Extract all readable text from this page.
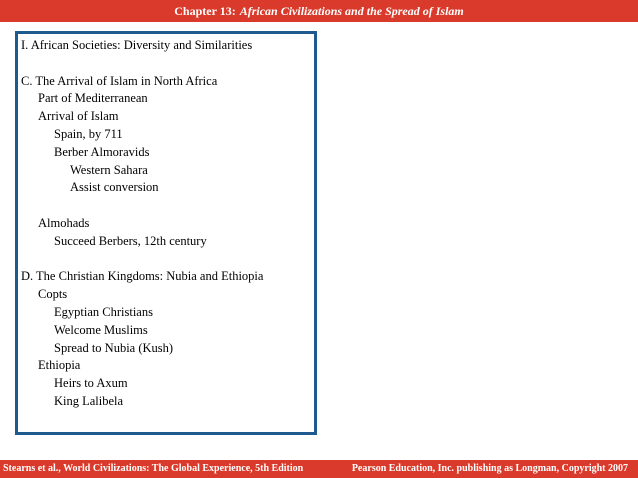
Chapter 13: African Civilizations and the Spread of Islam
I. African Societies: Diversity and Similarities
C. The Arrival of Islam in North Africa
Part of Mediterranean
Arrival of Islam
Spain, by 711
Berber Almoravids
Western Sahara
Assist conversion
Almohads
Succeed Berbers, 12th century
D. The Christian Kingdoms: Nubia and Ethiopia
Copts
Egyptian Christians
Welcome Muslims
Spread to Nubia (Kush)
Ethiopia
Heirs to Axum
King Lalibela
Stearns et al., World Civilizations: The Global Experience, 5th Edition	Pearson Education, Inc. publishing as Longman, Copyright 2007
